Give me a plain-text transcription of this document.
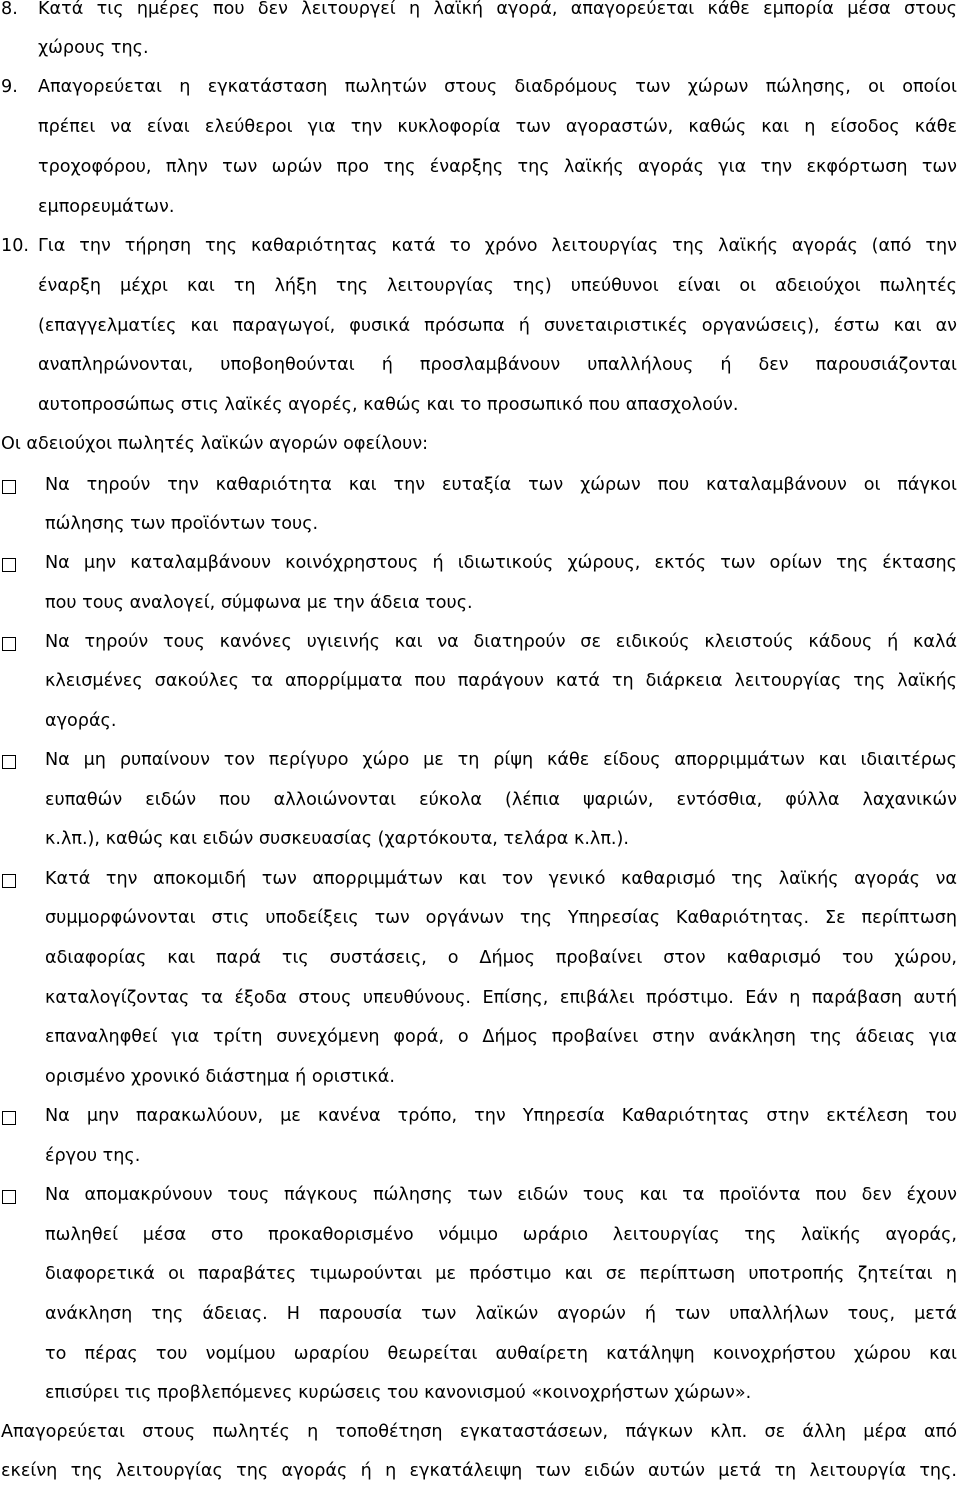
8. Κατά τις ημέρες που δεν λειτουργεί η λαϊκή αγορά, απαγορεύεται κάθε εμπορία μέσα στους
χώρους της.
9. Απαγορεύεται η εγκατάσταση πωλητών στους διαδρόμους των χώρων πώλησης, οι οποίοι
πρέπει να είναι ελεύθεροι για την κυκλοφορία των αγοραστών, καθώς και η είσοδος κάθε
τροχοφόρου, πλην των ωρών προ της έναρξης της λαϊκής αγοράς για την εκφόρτωση των
εμπορευμάτων.
10. Για την τήρηση της καθαριότητας κατά το χρόνο λειτουργίας της λαϊκής αγοράς (από την
έναρξη μέχρι και τη λήξη της λειτουργίας της) υπεύθυνοι είναι οι αδειούχοι πωλητές
(επαγγελματίες και παραγωγοί, φυσικά πρόσωπα ή συνεταιριστικές οργανώσεις), έστω και αν
αναπληρώνονται, υποβοηθούνται ή προσλαμβάνουν υπαλλήλους ή δεν παρουσιάζονται
αυτοπροσώπως στις λαϊκές αγορές, καθώς και το προσωπικό που απασχολούν.
Οι αδειούχοι πωλητές λαϊκών αγορών οφείλουν:
Να τηρούν την καθαριότητα και την ευταξία των χώρων που καταλαμβάνουν οι πάγκοι
πώλησης των προϊόντων τους.
Να μην καταλαμβάνουν κοινόχρηστους ή ιδιωτικούς χώρους, εκτός των ορίων της έκτασης
που τους αναλογεί, σύμφωνα με την άδεια τους.
Να τηρούν τους κανόνες υγιεινής και να διατηρούν σε ειδικούς κλειστούς κάδους ή καλά
κλεισμένες σακούλες τα απορρίμματα που παράγουν κατά τη διάρκεια λειτουργίας της λαϊκής
αγοράς.
Να μη ρυπαίνουν τον περίγυρο χώρο με τη ρίψη κάθε είδους απορριμμάτων και ιδιαιτέρως
ευπαθών ειδών που αλλοιώνονται εύκολα (λέπια ψαριών, εντόσθια, φύλλα λαχανικών
κ.λπ.), καθώς και ειδών συσκευασίας (χαρτόκουτα, τελάρα κ.λπ.).
Κατά την αποκομιδή των απορριμμάτων και τον γενικό καθαρισμό της λαϊκής αγοράς να
συμμορφώνονται στις υποδείξεις των οργάνων της Υπηρεσίας Καθαριότητας. Σε περίπτωση
αδιαφορίας και παρά τις συστάσεις, ο Δήμος προβαίνει στον καθαρισμό του χώρου,
καταλογίζοντας τα έξοδα στους υπευθύνους. Επίσης, επιβάλει πρόστιμο. Εάν η παράβαση αυτή
επαναληφθεί για τρίτη συνεχόμενη φορά, ο Δήμος προβαίνει στην ανάκληση της άδειας για
ορισμένο χρονικό διάστημα ή οριστικά.
Να μην παρακωλύουν, με κανένα τρόπο, την Υπηρεσία Καθαριότητας στην εκτέλεση του
έργου της.
Να απομακρύνουν τους πάγκους πώλησης των ειδών τους και τα προϊόντα που δεν έχουν
πωληθεί μέσα στο προκαθορισμένο νόμιμο ωράριο λειτουργίας της λαϊκής αγοράς,
διαφορετικά οι παραβάτες τιμωρούνται με πρόστιμο και σε περίπτωση υποτροπής ζητείται η
ανάκληση της άδειας. Η παρουσία των λαϊκών αγορών ή των υπαλλήλων τους, μετά
το πέρας του νομίμου ωραρίου θεωρείται αυθαίρετη κατάληψη κοινοχρήστου χώρου και
επισύρει τις προβλεπόμενες κυρώσεις του κανονισμού «κοινοχρήστων χώρων».
Απαγορεύεται στους πωλητές η τοποθέτηση εγκαταστάσεων, πάγκων κλπ. σε άλλη μέρα από
εκείνη της λειτουργίας της αγοράς ή η εγκατάλειψη των ειδών αυτών μετά τη λειτουργία της.
